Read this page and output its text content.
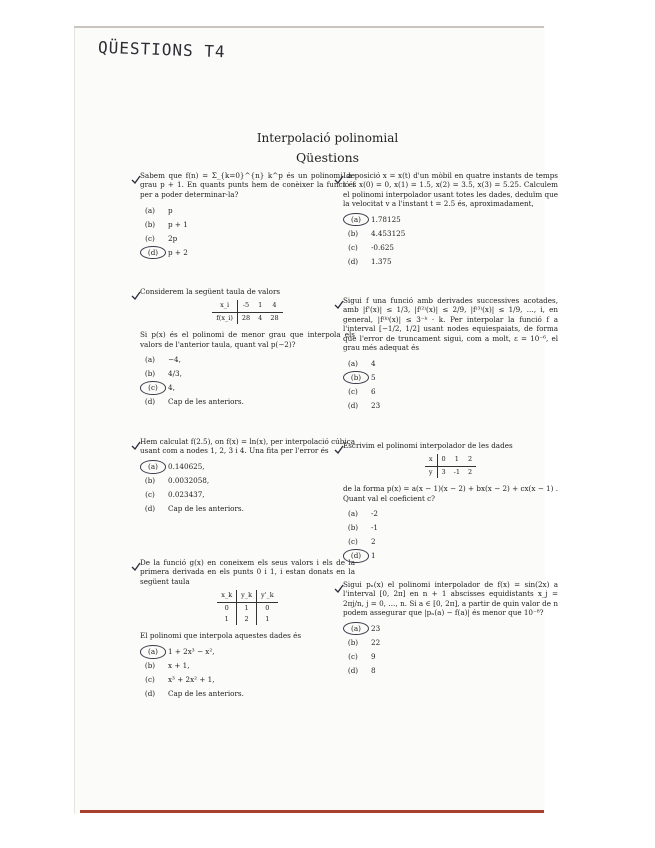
QÜESTIONS T4
Interpolació polinomial
Qüestions

Sabem que f(n) = Σ_{k=0}^{n} k^p és un polinomi de grau p + 1. En quants punts hem de conèixer la funció f per a poder determinar-la?

(a)	p
(b)	p + 1
(c)	2p
(d)	p + 2

Considerem la següent taula de valors

x_i	-5	1	4
f(x_i)	28	4	28

Si p(x) és el polinomi de menor grau que interpola els valors de l'anterior taula, quant val p(−2)?

(a)	−4,
(b)	4/3,
(c)	4,
(d)	Cap de les anteriors.

Hem calculat f(2.5), on f(x) = ln(x), per interpolació cúbica usant com a nodes 1, 2, 3 i 4. Una fita per l'error és

(a)	0.140625,
(b)	0.0032058,
(c)	0.023437,
(d)	Cap de les anteriors.

De la funció g(x) en coneixem els seus valors i els de la primera derivada en els punts 0 i 1, i estan donats en la següent taula

x_k	y_k	y'_k
0	1	0
1	2	1

El polinomi que interpola aquestes dades és

(a)	1 + 2x³ − x²,
(b)	x + 1,
(c)	x³ + 2x² + 1,
(d)	Cap de les anteriors.

La posició x = x(t) d'un mòbil en quatre instants de temps t és x(0) = 0, x(1) = 1.5, x(2) = 3.5, x(3) = 5.25. Calculem el polinomi interpolador usant totes les dades, deduïm que la velocitat v a l'instant t = 2.5 és, aproximadament,

(a)	1.78125
(b)	4.453125
(c)	-0.625
(d)	1.375

Sigui f una funció amb derivades successives acotades, amb |f'(x)| ≤ 1/3, |f⁽²⁾(x)| ≤ 2/9, |f⁽³⁾(x)| ≤ 1/9, …, i, en general, |f⁽ᵏ⁾(x)| ≤ 3⁻ᵏ · k. Per interpolar la funció f a l'interval [−1/2, 1/2] usant nodes equiespaiats, de forma que l'error de truncament sigui, com a molt, ε = 10⁻⁶, el grau més adequat és

(a)	4
(b)	5
(c)	6
(d)	23

Escrivim el polinomi interpolador de les dades

x	0	1	2
y	3	-1	2

de la forma p(x) = a(x − 1)(x − 2) + bx(x − 2) + cx(x − 1) . Quant val el coeficient c?

(a)	-2
(b)	-1
(c)	2
(d)	1

Sigui pₙ(x) el polinomi interpolador de f(x) = sin(2x) a l'interval [0, 2π] en n + 1 abscisses equidistants x_j = 2πj/n, j = 0, …, n. Si a ∈ [0, 2π], a partir de quin valor de n podem assegurar que |pₙ(a) − f(a)| és menor que 10⁻⁸?

(a)	23
(b)	22
(c)	9
(d)	8
